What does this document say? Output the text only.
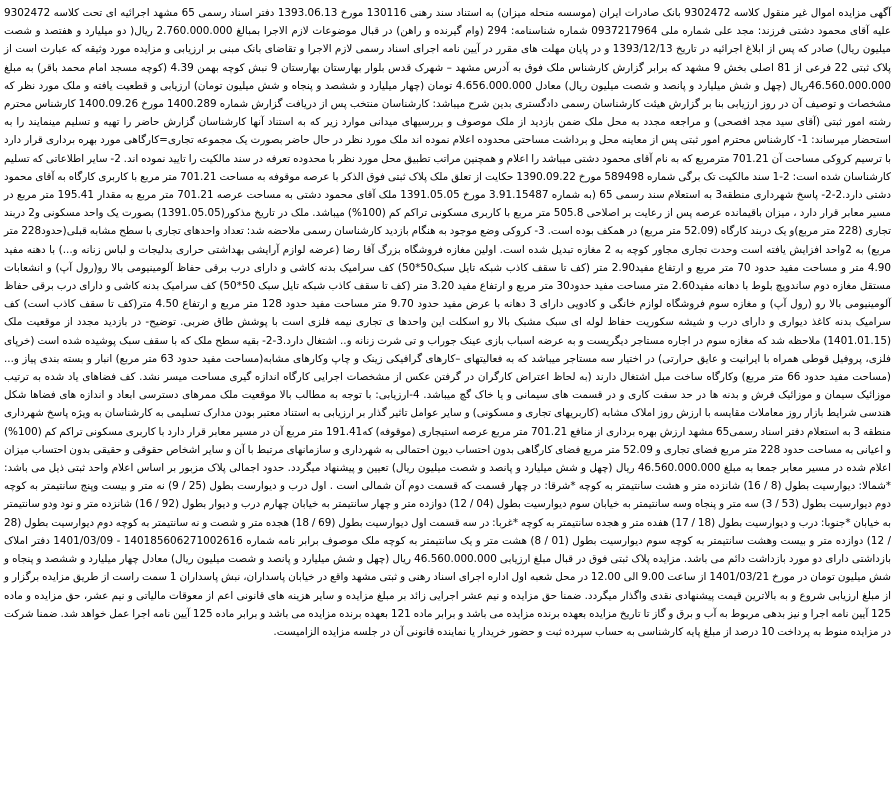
آگهی مزایده اموال غیر منقول کلاسه 9302472 بانک صادرات ایران (موسسه منحله میزان) به استناد سند رهنی 130116 مورخ 1393.06.13 دفتر اسناد رسمی 65 مشهد اجرائیه ای تحت کلاسه 9302472 علیه آقای محمود دشتی فرزند: مجد علی شماره ملی 0937217964 شماره شناسنامه: 294 (وام گیرنده و راهن) در قبال موضوعات لازم الاجرا بمبالغ 2.760.000.000 ریال( دو میلیارد و هفتصد و شصت میلیون ریال) صادر که پس از ابلاغ اجرائیه در تاریخ 1393/12/13 و در پایان مهلت های مقرر در آیین نامه اجرای اسناد رسمی لازم الاجرا و تقاضای بانک مبنی بر ارزیابی و مزایده مورد وثیقه که عبارت است از پلاک ثبتی 22 فرعی از 81 اصلی بخش 9 مشهد که برابر گزارش کارشناس ملک فوق به آدرس مشهد – شهرک قدس بلوار بهارستان بهارستان 9 نبش کوچه بهمن 4.39 (کوچه مسجد امام محمد باقر) به مبلغ 46.560.000.000ریال (چهل و شش میلیارد و پانصد و شصت میلیون ریال) معادل 4.656.000.000 تومان (چهار میلیارد و ششصد و پنجاه و شش میلیون تومان) ارزیابی و قطعیت یافته و ملک مورد نظر که مشخصات و توصیف آن در روز ارزیابی بنا بر گزارش هیئت کارشناسان رسمی دادگستری بدین شرح میباشد: کارشناسان منتخب پس از دریافت گزارش شماره 1400.289 مورخ 1400.09.26 کارشناس محترم رشته امور ثبتی (آقای سید مجد افصحی) و مراجعه مجدد به محل ملک ضمن بازدید از ملک موصوف و بررسیهای میدانی موارد زیر که به استناد آنها کارشناسان گزارش حاضر را تهیه و تسلیم مینمایند را به استحضار میرساند: 1- کارشناس محترم امور ثبتی پس از معاینه محل و برداشت مساحتی محدوده اعلام نموده اند ملک مورد نظر در حال حاضر بصورت یک مجموعه تجاری=کارگاهی مورد بهره برداری قرار دارد با ترسیم کروکی مساحت آن 701.21 مترمربع که به نام آقای محمود دشتی میباشد را اعلام و همچنین مراتب تطبیق محل مورد نظر با محدوده تعرفه در سند مالکیت را تایید نموده اند. 2- سایر اطلاعاتی که تسلیم کارشناسان شده است: 2-1 سند مالکیت تک برگی شماره 589498 مورخ 1390.09.22 حکایت از تعلق ملک پلاک ثبتی فوق الذکر با عرصه موقوفه به مساحت 701.21 متر مربع با کاربری کارگاه به آقای محمود دشتی دارد.2-2- پاسخ شهرداری منطقه3 به استعلام سند رسمی 65 (به شماره 3.91.15487 مورخ 1391.05.05 ملک آقای محمود دشتی به مساحت عرصه 701.21 متر مربع به مقدار 195.41 متر مربع در مسیر معابر قرار دارد ، میزان باقیمانده عرصه پس از رعایت بر اصلاحی 505.8 متر مربع با کاربری مسکونی تراکم کم (100%) میباشد. ملک در تاریخ مذکور(1391.05.05) بصورت یک واحد مسکونی و2 دربند تجاری (228 متر مربع)و یک دربند کارگاه (52.09 متر مربع) در همکف بوده است. 3- کروکی وضع موجود به هنگام بازدید کارشناسان رسمی ملاحضه شد: تعداد واحدهای تجاری با سطح مشابه قبلی(حدود228 متر مربع) به 2واحد افزایش یافته است وحدت تجاری مجاور کوچه به 2 مغازه تبدیل شده است. اولین مغازه فروشگاه بزرگ آقا رضا (عرضه لوازم آرایشی بهداشتی حراری بدلیجات و لباس زنانه و...) با دهنه مفید 4.90 متر و مساحت مفید حدود 70 متر مربع و ارتفاع مفید2.90 متر (کف تا سقف کاذب شبکه تایل سبک50*50) کف سرامیک بدنه کاشی و دارای درب برقی حفاظ آلومینیومی بالا رو(رول آپ) و انشعابات مستقل مغازه دوم ساندویچ بلوط با دهانه مفید2.60 متر مساحت مفید حدود30 متر مربع و ارتفاع مفید 3.20 متر (کف تا سقف کاذب شبکه تایل سبک 50*50) کف سرامیک بدنه کاشی و دارای درب برقی حفاظ آلومینیومی بالا رو (رول آپ) و مغازه سوم فروشگاه لوازم خانگی و کادویی دارای 3 دهانه با عرض مفید حدود 9.70 متر مساحت مفید حدود 128 متر مربع و ارتفاع 4.50 متر(کف تا سقف کاذب است) کف سرامیک بدنه کاغذ دیواری و دارای درب و شیشه سکوریت حفاظ لوله ای سبک مشبک بالا رو اسکلت این واحدها ی تجاری نیمه فلزی است با پوشش طاق ضربی. توضیح- در بازدید مجدد از موقعیت ملک (1401.01.15) ملاحظه شد که مغازه سوم در اجاره مستاجر دیگریست و به عرضه اسباب بازی عینک جوراب و تی شرت زنانه و.. اشتغال دارد.3-2- بقیه سطح ملک که با سقف سبک پوشیده شده است (خرپای فلزی، پروفیل قوطی همراه با ایرانیت و عایق حرارتی) در اختیار سه مستاجر میباشد که به فعالیتهای –کارهای گرافیکی زینک و چاپ وکارهای مشابه(مساحت مفید حدود 63 متر مربع) انبار و بسته بندی پیاز و...(مساحت مفید حدود 66 متر مربع) وکارگاه ساخت مبل اشتغال دارند (به لحاظ اعتراض کارگران در گرفتن عکس از مشخصات اجرایی کارگاه اندازه گیری مساحت میسر نشد. کف فضاهای یاد شده به ترتیب موزائیک سیمان و موزائیک فرش و بدنه ها در حد سفت کاری و در قسمت های سیمانی و یا خاک گچ میباشد. 4-ارزیابی: با توجه به مطالب بالا موقعیت ملک ممرهای دسترسی ابعاد و اندازه های فضاها شکل هندسی شرایط بازار روز معاملات مقایسه با ارزش روز املاک مشابه (کاربریهای تجاری و مسکونی) و سایر عوامل تاثیر گذار بر ارزیابی به استناد معتبر بودن مدارک تسلیمی به کارشناسان به ویژه پاسخ شهرداری منطقه 3 به استعلام دفتر اسناد رسمی65 مشهد ارزش بهره برداری از منافع 701.21 متر مربع عرصه استیجاری (موقوفه) که191.41 متر مربع آن در مسیر معابر قرار دارد با کاربری مسکونی تراکم کم (100%) و اعیانی به مساحت حدود 228 متر مربع فضای تجاری و 52.09 متر مربع فضای کارگاهی بدون احتساب دیون احتمالی به شهرداری و سازمانهای مرتبط با آن و سایر اشخاص حقوقی و حقیقی بدون احتساب میزان اعلام شده در مسیر معابر جمعا به مبلغ 46.560.000.000 ریال (چهل و شش میلیارد و پانصد و شصت میلیون ریال) تعیین و پیشنهاد میگردد. حدود اجمالی پلاک مزبور بر اساس اعلام واحد ثبتی ذیل می باشد: *شمالا: دیوارسیت بطول (8 / 16) شانزده متر و هشت سانتیمتر به کوچه *شرقا: در چهار قسمت که قسمت دوم آن شمالی است . اول درب و دیوارست بطول (25 / 9) نه متر و بیست وپنج سانتیمتر به کوچه دوم دیوارسیت بطول (53 / 3) سه متر و پنجاه وسه سانتیمتر به خیابان سوم دیوارسیت بطول (04 / 12) دوازده متر و چهار سانتیمتر به خیابان چهارم درب و دیوار بطول (92 / 16) شانزده متر و نود ودو سانتیمتر به خیابان *جنوبا: درب و دیوارسیت بطول (18 / 17) هفده متر و هجده سانتیمتر به کوچه *غربا: در سه قسمت اول دیوارسیت بطول (69 / 18) هجده متر و شصت و نه سانتیمتر به کوچه دوم دیوارسیت بطول (28 / 12) دوازده متر و بیست وهشت سانتیمتر به کوچه سوم دیوارسیت بطول (01 / 8) هشت متر و یک سانتیمتر به کوچه ملک موصوف برابر نامه شماره 140185606271002616 - 1401/03/09 دفتر املاک بازداشتی دارای دو مورد بازداشت دائم می باشد. مزایده پلاک ثبتی فوق در قبال مبلغ ارزیابی 46.560.000.000 ریال (چهل و شش میلیارد و پانصد و شصت میلیون ریال) معادل چهار میلیارد و ششصد و پنجاه و شش میلیون تومان در مورخ 1401/03/21 از ساعت 9.00 الی 12.00 در محل شعبه اول اداره اجرای اسناد رهنی و ثبتی مشهد واقع در خیابان پاسداران، نبش پاسداران 1 سمت راست از طریق مزایده برگزار و از مبلغ ارزیابی شروع و به بالاترین قیمت پیشنهادی نقدی واگذار میگردد. ضمنا حق مزایده و نیم عشر اجرایی زائد بر مبلغ مزایده و سایر هزینه های قانونی اعم از معوقات مالیاتی و نیم عشر، حق مزایده و ماده 125 آیین نامه اجرا و نیز بدهی مربوط به آب و برق و گاز تا تاریخ مزایده بعهده برنده مزایده می باشد و برابر ماده 121 بعهده برنده مزایده می باشد و برابر ماده 125 آیین نامه اجرا عمل خواهد شد. ضمنا شرکت در مزایده منوط به پرداخت 10 درصد از مبلغ پایه کارشناسی به حساب سپرده ثبت و حضور خریدار یا نماینده قانونی آن در جلسه مزایده الزامیست.
